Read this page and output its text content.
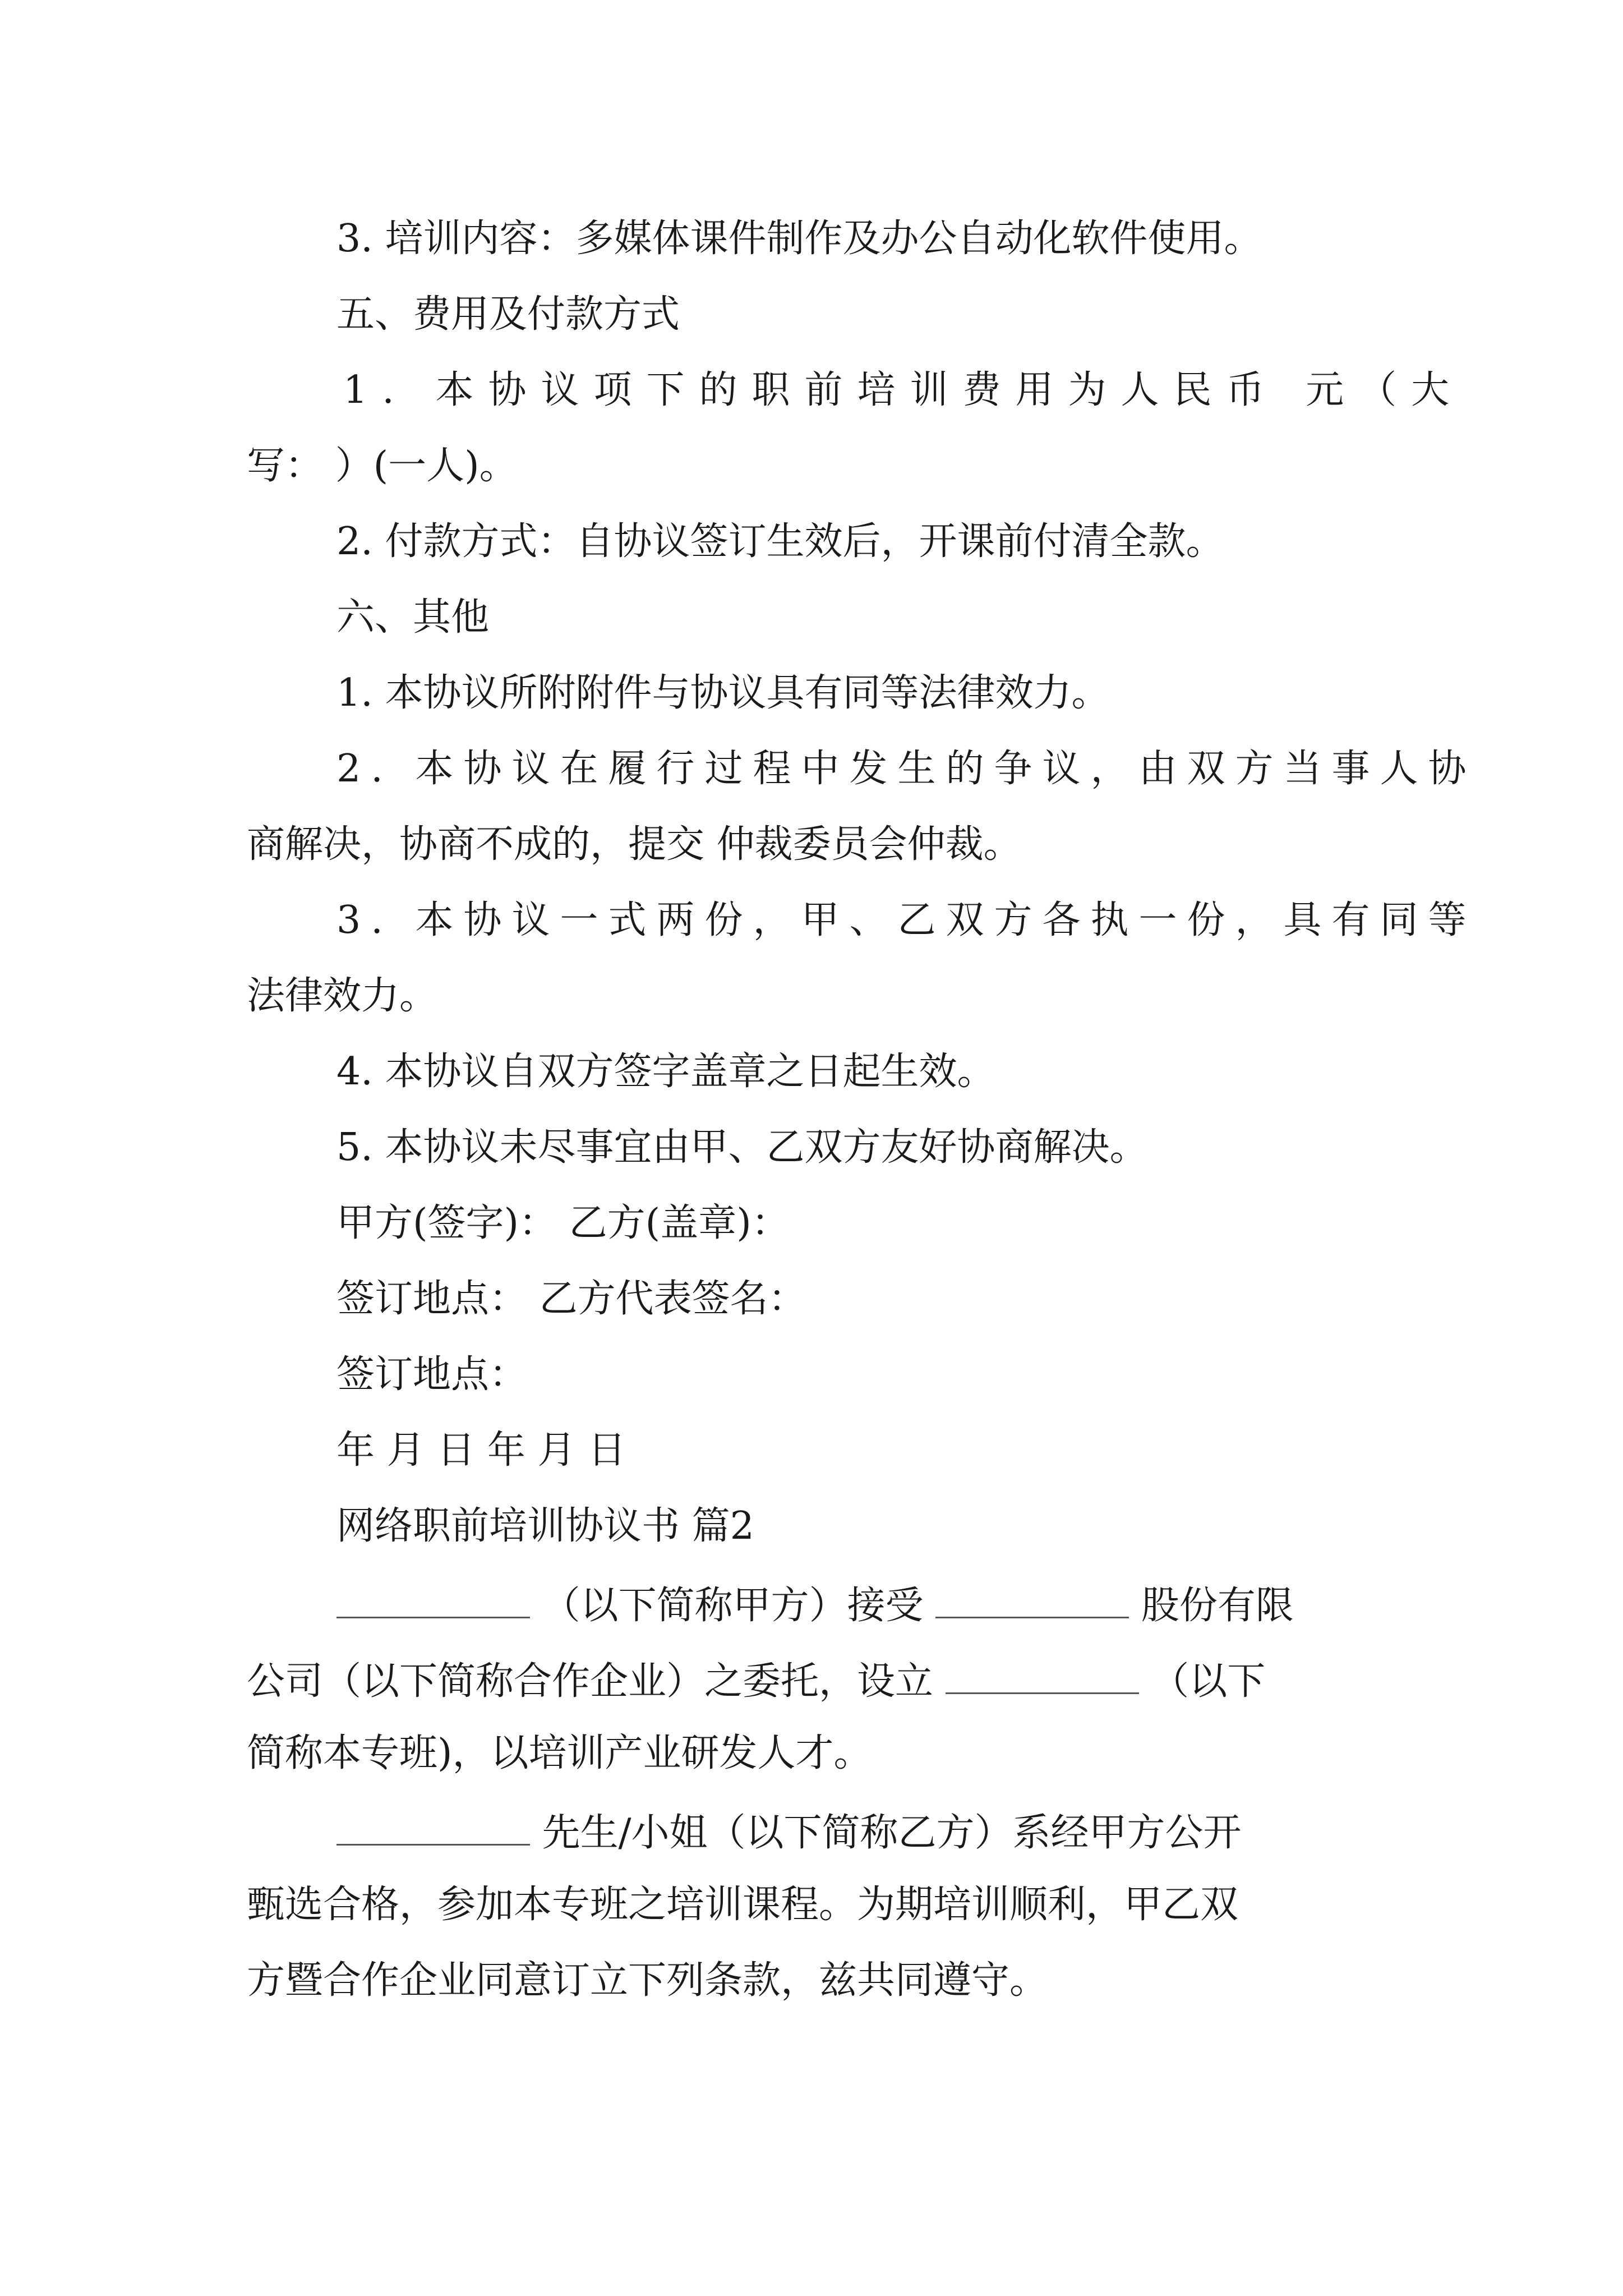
3. 培训内容：多媒体课件制作及办公自动化软件使用。

五、费用及付款方式

1. 本协议项下的职前培训费用为人民币 元（大

写： ）(一人)。

2. 付款方式：自协议签订生效后，开课前付清全款。

六、其他

1. 本协议所附附件与协议具有同等法律效力。

2. 本协议在履行过程中发生的争议，由双方当事人协

商解决，协商不成的，提交 仲裁委员会仲裁。

3. 本协议一式两份，甲、乙双方各执一份，具有同等

法律效力。

4. 本协议自双方签字盖章之日起生效。

5. 本协议未尽事宜由甲、乙双方友好协商解决。

甲方(签字)： 乙方(盖章)：

签订地点： 乙方代表签名：

签订地点：

年 月 日 年 月 日

网络职前培训协议书 篇2

（以下简称甲方）接受	股份有限

公司（以下简称合作企业）之委托，设立	（以下

简称本专班)，以培训产业研发人才。

先生/小姐（以下简称乙方）系经甲方公开

甄选合格，参加本专班之培训课程。为期培训顺利，甲乙双

方暨合作企业同意订立下列条款，兹共同遵守。
